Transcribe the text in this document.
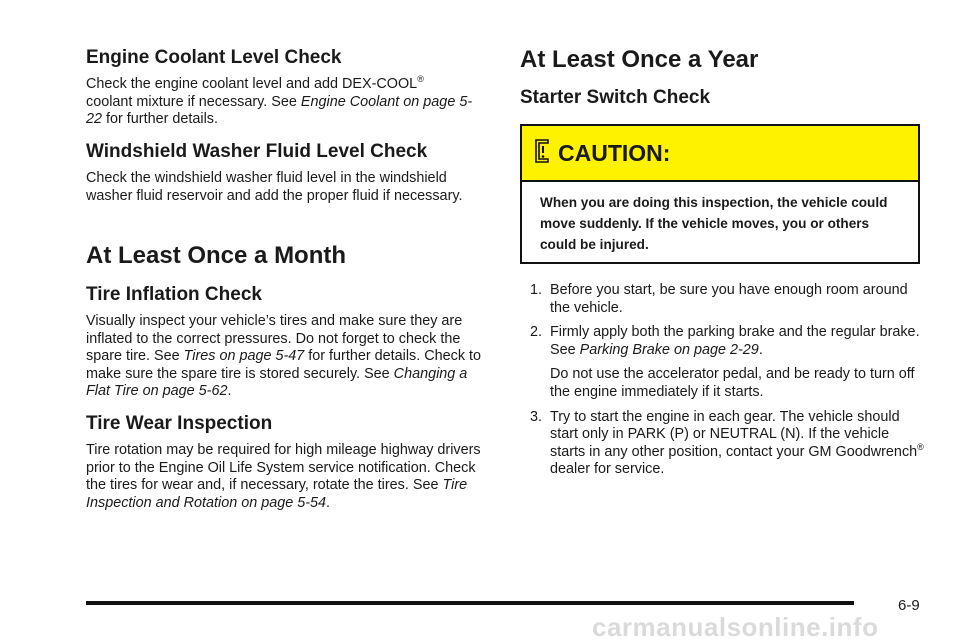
Engine Coolant Level Check

Check the engine coolant level and add DEX-COOL®
coolant mixture if necessary. See Engine Coolant on page 5-22 for further details.

Windshield Washer Fluid Level Check

Check the windshield washer fluid level in the windshield washer fluid reservoir and add the proper fluid if necessary.

At Least Once a Month
Tire Inflation Check

Visually inspect your vehicle’s tires and make sure they are inflated to the correct pressures. Do not forget to check the spare tire. See Tires on page 5-47 for further details. Check to make sure the spare tire is stored securely. See Changing a Flat Tire on page 5-62.

Tire Wear Inspection

Tire rotation may be required for high mileage highway drivers prior to the Engine Oil Life System service notification. Check the tires for wear and, if necessary, rotate the tires. See Tire Inspection and Rotation on page 5-54.

At Least Once a Year
Starter Switch Check
CAUTION:
When you are doing this inspection, the vehicle could move suddenly. If the vehicle moves, you or others could be injured.
1. Before you start, be sure you have enough room around the vehicle.
2. Firmly apply both the parking brake and the regular brake. See Parking Brake on page 2-29.
Do not use the accelerator pedal, and be ready to turn off the engine immediately if it starts.
3. Try to start the engine in each gear. The vehicle should start only in PARK (P) or NEUTRAL (N). If the vehicle starts in any other position, contact your GM Goodwrench® dealer for service.
6-9
carmanualsonline.info
